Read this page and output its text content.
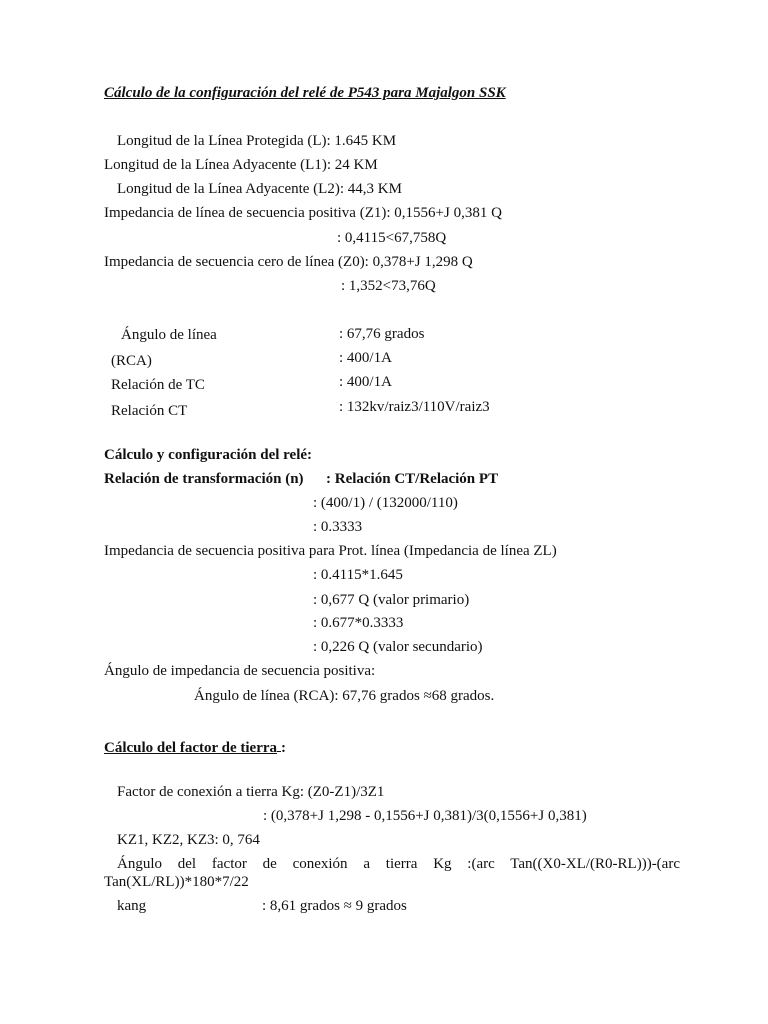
Cálculo de la configuración del relé de P543 para Majalgon SSK
Longitud de la Línea Protegida (L): 1.645 KM
Longitud de la Línea Adyacente (L1): 24 KM
Longitud de la Línea Adyacente (L2): 44,3 KM
Impedancia de línea de secuencia positiva (Z1): 0,1556+J 0,381 Q
: 0,4115<67,758Q
Impedancia de secuencia cero de línea (Z0): 0,378+J 1,298 Q
: 1,352<73,76Q
Ángulo de línea	: 67,76 grados
(RCA)	: 400/1A
Relación de TC	: 400/1A
Relación CT	: 132kv/raiz3/110V/raiz3
Cálculo y configuración del relé:
Relación de transformación (n) : Relación CT/Relación PT
: (400/1) / (132000/110)
: 0.3333
Impedancia de secuencia positiva para Prot. línea (Impedancia de línea ZL)
: 0.4115*1.645
: 0,677 Q (valor primario)
: 0.677*0.3333
: 0,226 Q (valor secundario)
Ángulo de impedancia de secuencia positiva:
Ángulo de línea (RCA): 67,76 grados ≈68 grados.
Cálculo del factor de tierra :
Factor de conexión a tierra Kg: (Z0-Z1)/3Z1
: (0,378+J 1,298 - 0,1556+J 0,381)/3(0,1556+J 0,381)
KZ1, KZ2, KZ3: 0, 764
Ángulo del factor de conexión a tierra Kg :(arc Tan((X0-XL/(R0-RL)))-(arc Tan(XL/RL))*180*7/22
kang	: 8,61 grados ≈ 9 grados
